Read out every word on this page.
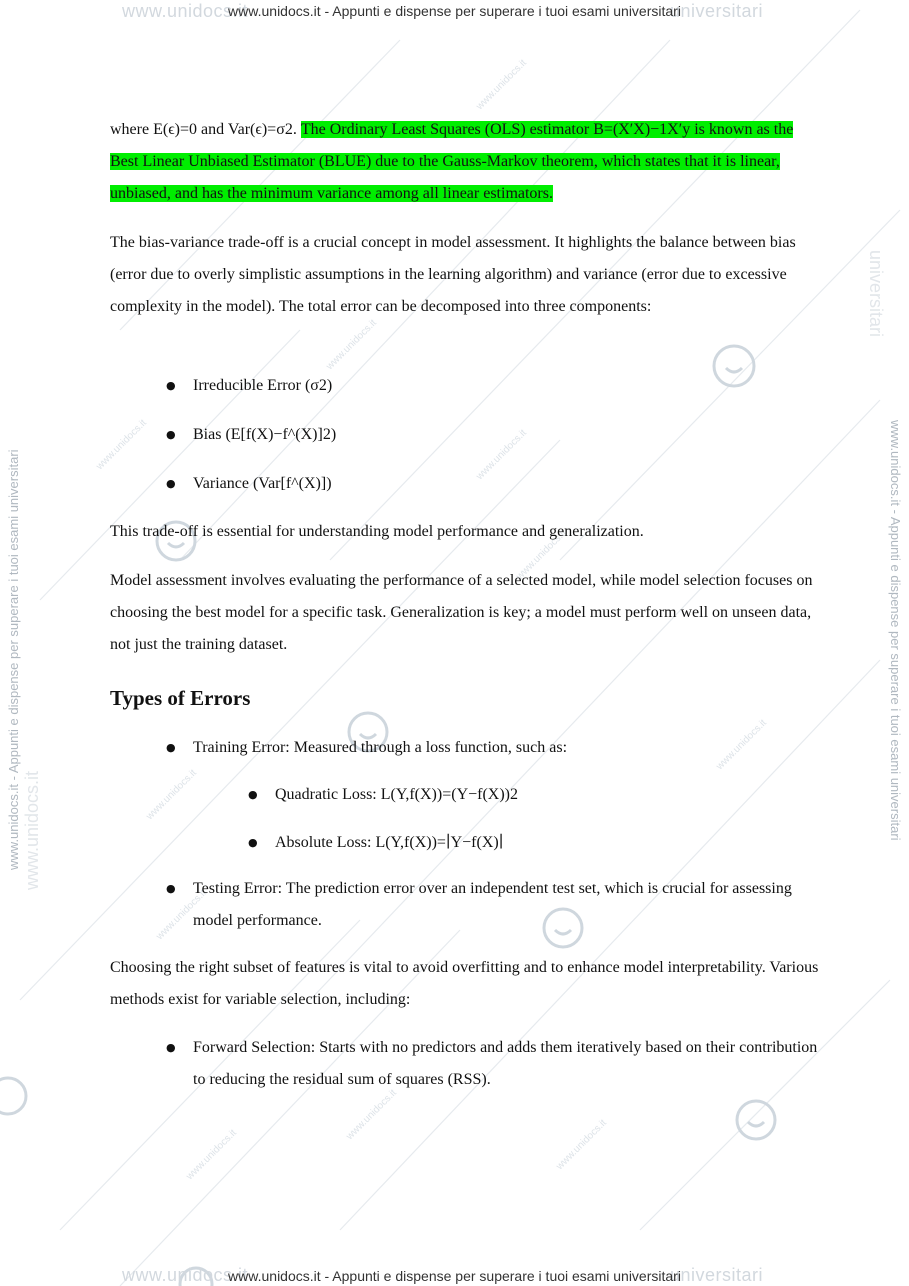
www.unidocs.it
www.unidocs.it
www.unidocs.it	www.unidocs.it
www.unidocs.it
www.unidocs.it
www.unidocs.it
www.unidocs.it
www.unidocs.it
www.unidocs.it
www.unidocs.it
www.unidocs.it	universitari
www.unidocs.it	universitari
www.unidocs.it - Appunti e dispense per superare i tuoi esami universitari
www.unidocs.it - Appunti e dispense per superare i tuoi esami universitari
www.unidocs.it - Appunti e dispense per superare i tuoi esami universitari	www.unidocs.it - Appunti e dispense per superare i tuoi esami universitari
www.unidocs.it
universitari

where E(ϵ)=0 and Var(ϵ)=σ2. The Ordinary Least Squares (OLS) estimator B=(X′X)−1X′y is known as the Best Linear Unbiased Estimator (BLUE) due to the Gauss-Markov theorem, which states that it is linear, unbiased, and has the minimum variance among all linear estimators.

The bias-variance trade-off is a crucial concept in model assessment. It highlights the balance between bias (error due to overly simplistic assumptions in the learning algorithm) and variance (error due to excessive complexity in the model). The total error can be decomposed into three components:

● Irreducible Error (σ2)
● Bias (E[f(X)−f^(X)]2)
● Variance (Var[f^(X)])

This trade-off is essential for understanding model performance and generalization.

Model assessment involves evaluating the performance of a selected model, while model selection focuses on choosing the best model for a specific task. Generalization is key; a model must perform well on unseen data, not just the training dataset.

Types of Errors
● Training Error: Measured through a loss function, such as:
● Quadratic Loss: L(Y,f(X))=(Y−f(X))2
● Absolute Loss: L(Y,f(X))=∣Y−f(X)∣
● Testing Error: The prediction error over an independent test set, which is crucial for assessing model performance.

Choosing the right subset of features is vital to avoid overfitting and to enhance model interpretability. Various methods exist for variable selection, including:

● Forward Selection: Starts with no predictors and adds them iteratively based on their contribution to reducing the residual sum of squares (RSS).
